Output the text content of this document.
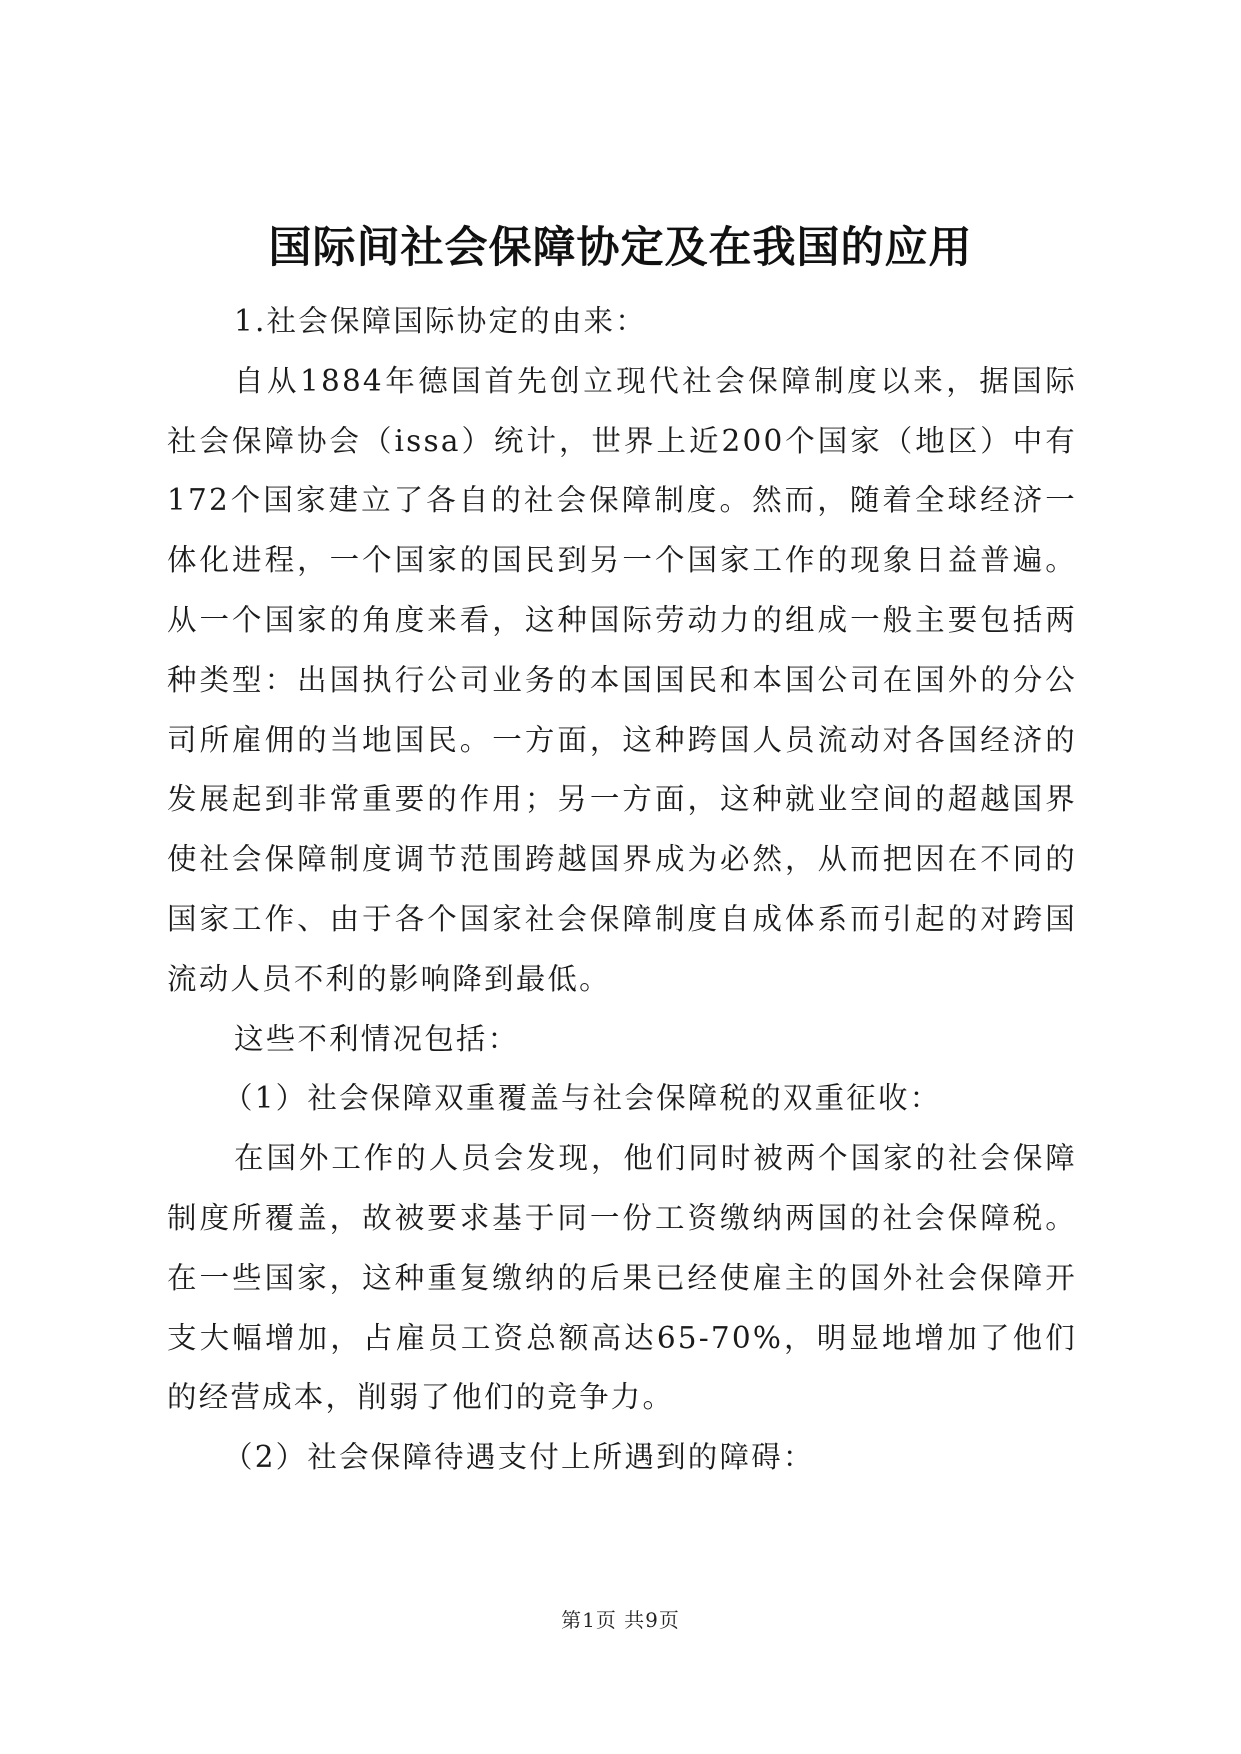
国际间社会保障协定及在我国的应用

1.社会保障国际协定的由来：

自从1884年德国首先创立现代社会保障制度以来，据国际社会保障协会（issa）统计，世界上近200个国家（地区）中有172个国家建立了各自的社会保障制度。然而，随着全球经济一体化进程，一个国家的国民到另一个国家工作的现象日益普遍。从一个国家的角度来看，这种国际劳动力的组成一般主要包括两种类型：出国执行公司业务的本国国民和本国公司在国外的分公司所雇佣的当地国民。一方面，这种跨国人员流动对各国经济的发展起到非常重要的作用；另一方面，这种就业空间的超越国界使社会保障制度调节范围跨越国界成为必然，从而把因在不同的国家工作、由于各个国家社会保障制度自成体系而引起的对跨国流动人员不利的影响降到最低。

这些不利情况包括：

（1）社会保障双重覆盖与社会保障税的双重征收：

在国外工作的人员会发现，他们同时被两个国家的社会保障制度所覆盖，故被要求基于同一份工资缴纳两国的社会保障税。在一些国家，这种重复缴纳的后果已经使雇主的国外社会保障开支大幅增加，占雇员工资总额高达65-70%，明显地增加了他们的经营成本，削弱了他们的竞争力。

（2）社会保障待遇支付上所遇到的障碍：

第1页 共9页
